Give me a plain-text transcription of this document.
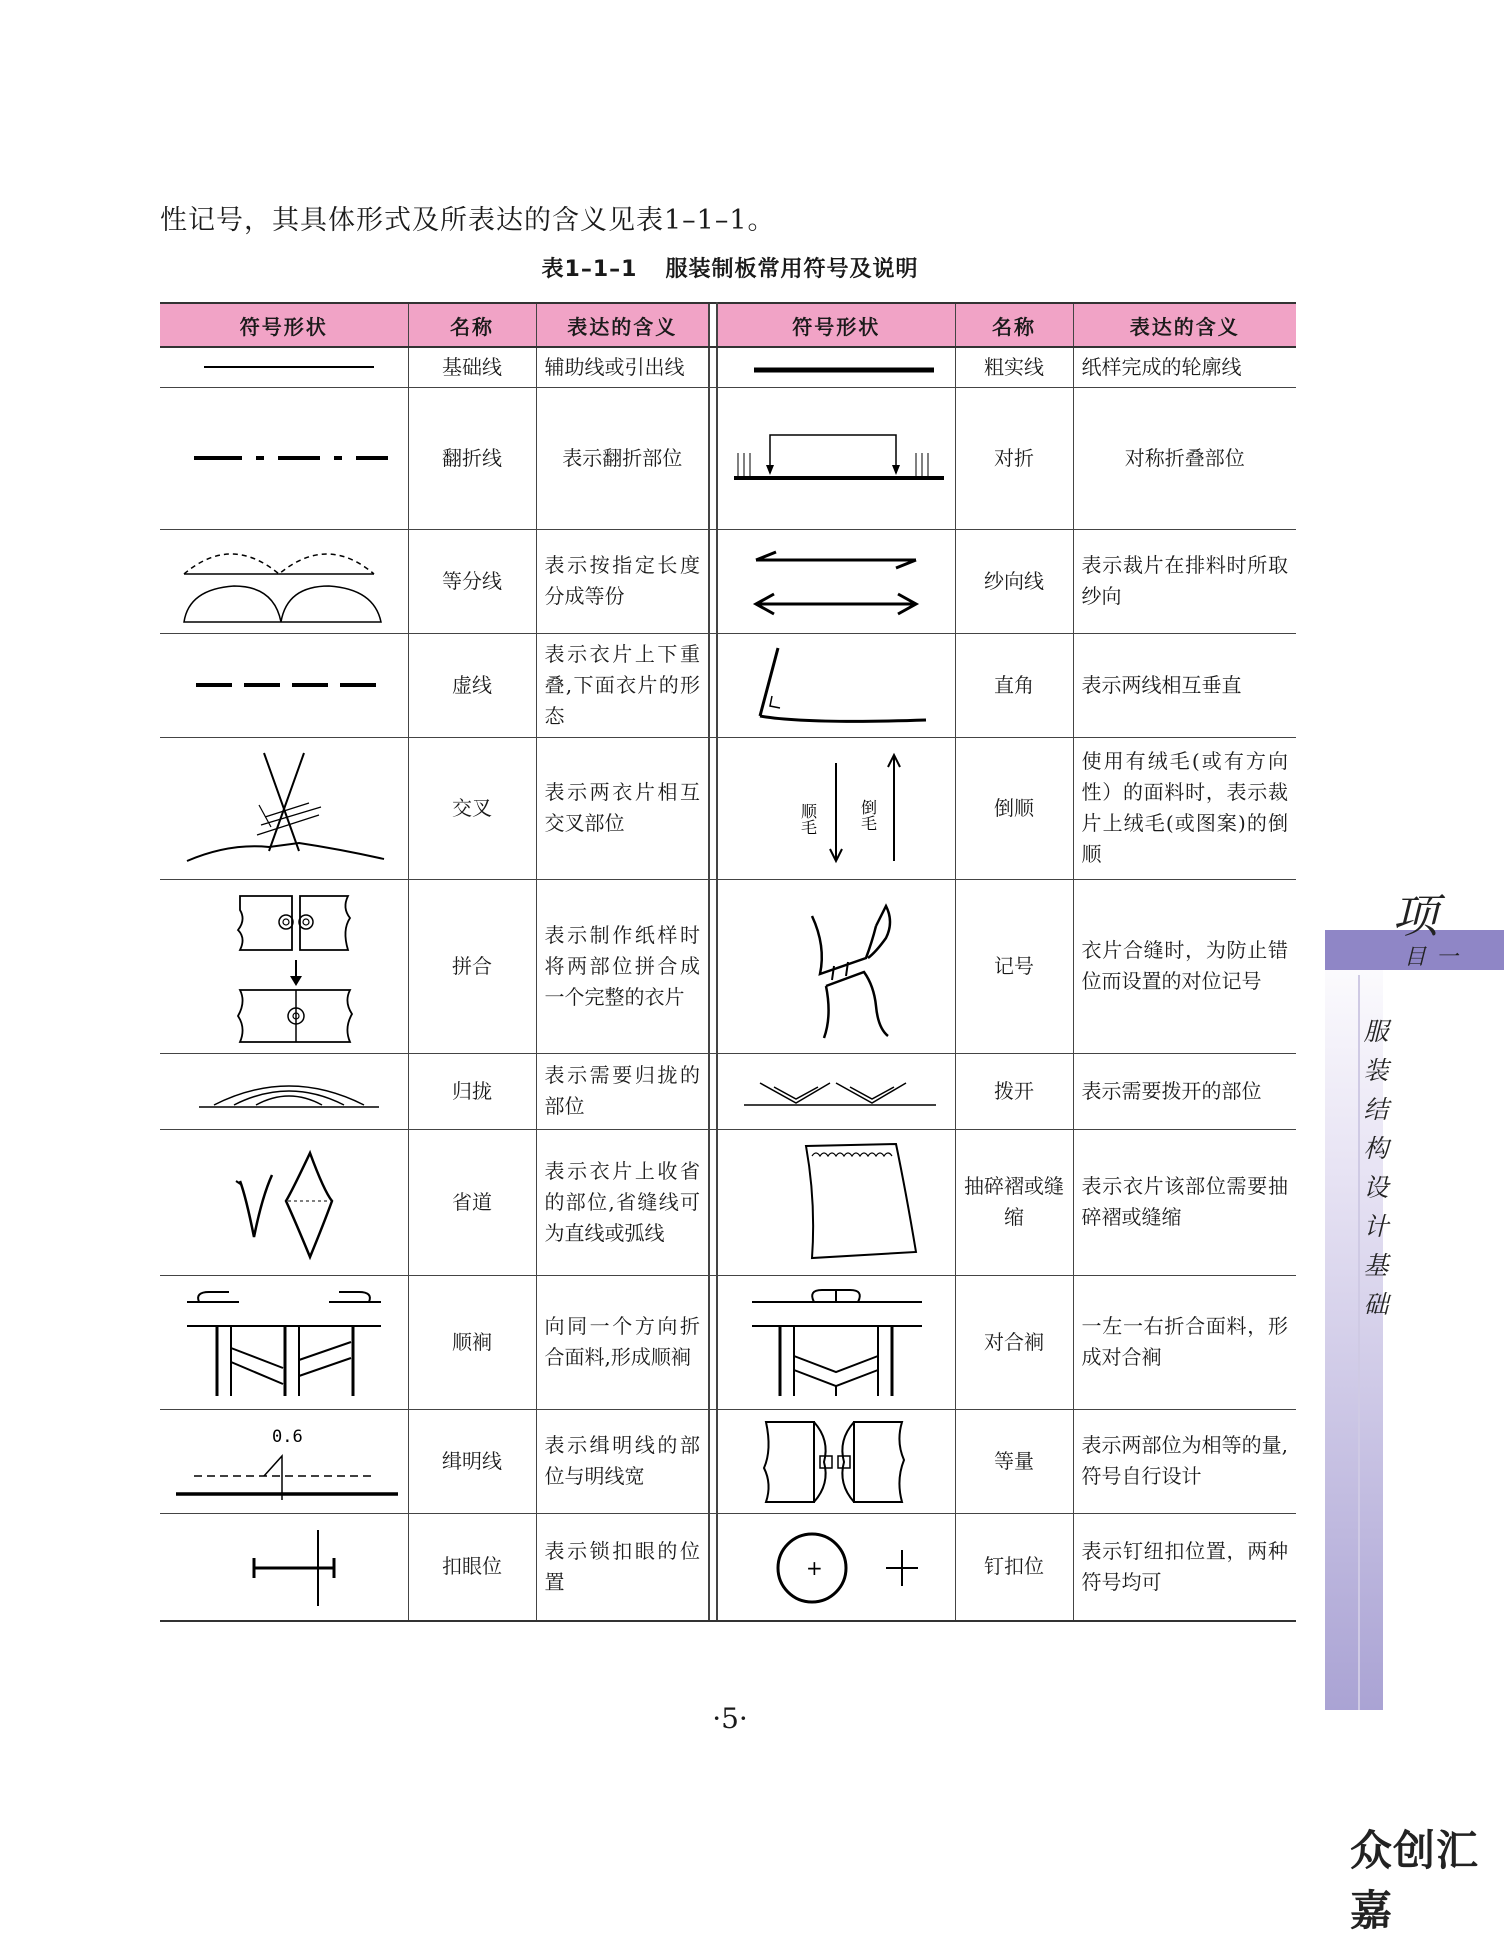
性记号，其具体形式及所表达的含义见表1–1–1。
表1–1–1 服装制板常用符号及说明
符号形状	名称	表达的含义		符号形状	名称	表达的含义

	基础线	辅助线或引出线			粗实线	纸样完成的轮廓线

	翻折线	表示翻折部位			对折	对称折叠部位

	等分线	表示按指定长度分成等份			纱向线	表示裁片在排料时所取纱向

	虚线	表示衣片上下重叠,下面衣片的形态			直角	表示两线相互垂直

	交叉	表示两衣片相互交叉部位		顺毛 倒毛	倒顺	使用有绒毛(或有方向性）的面料时，表示裁片上绒毛(或图案)的倒顺

	拼合	表示制作纸样时将两部位拼合成一个完整的衣片			记号	衣片合缝时，为防止错位而设置的对位记号

	归拢	表示需要归拢的部位			拨开	表示需要拨开的部位

	省道	表示衣片上收省的部位,省缝线可为直线或弧线			抽碎褶或缝缩	表示衣片该部位需要抽碎褶或缝缩

	顺裥	向同一个方向折合面料,形成顺裥			对合裥	一左一右折合面料，形成对合裥

0.6	缉明线	表示缉明线的部位与明线宽			等量	表示两部位为相等的量,符号自行设计

	扣眼位	表示锁扣眼的位置		+	钉扣位	表示钉纽扣位置，两种符号均可
项
目 一
服装结构设计基础
·5·
众创汇嘉
